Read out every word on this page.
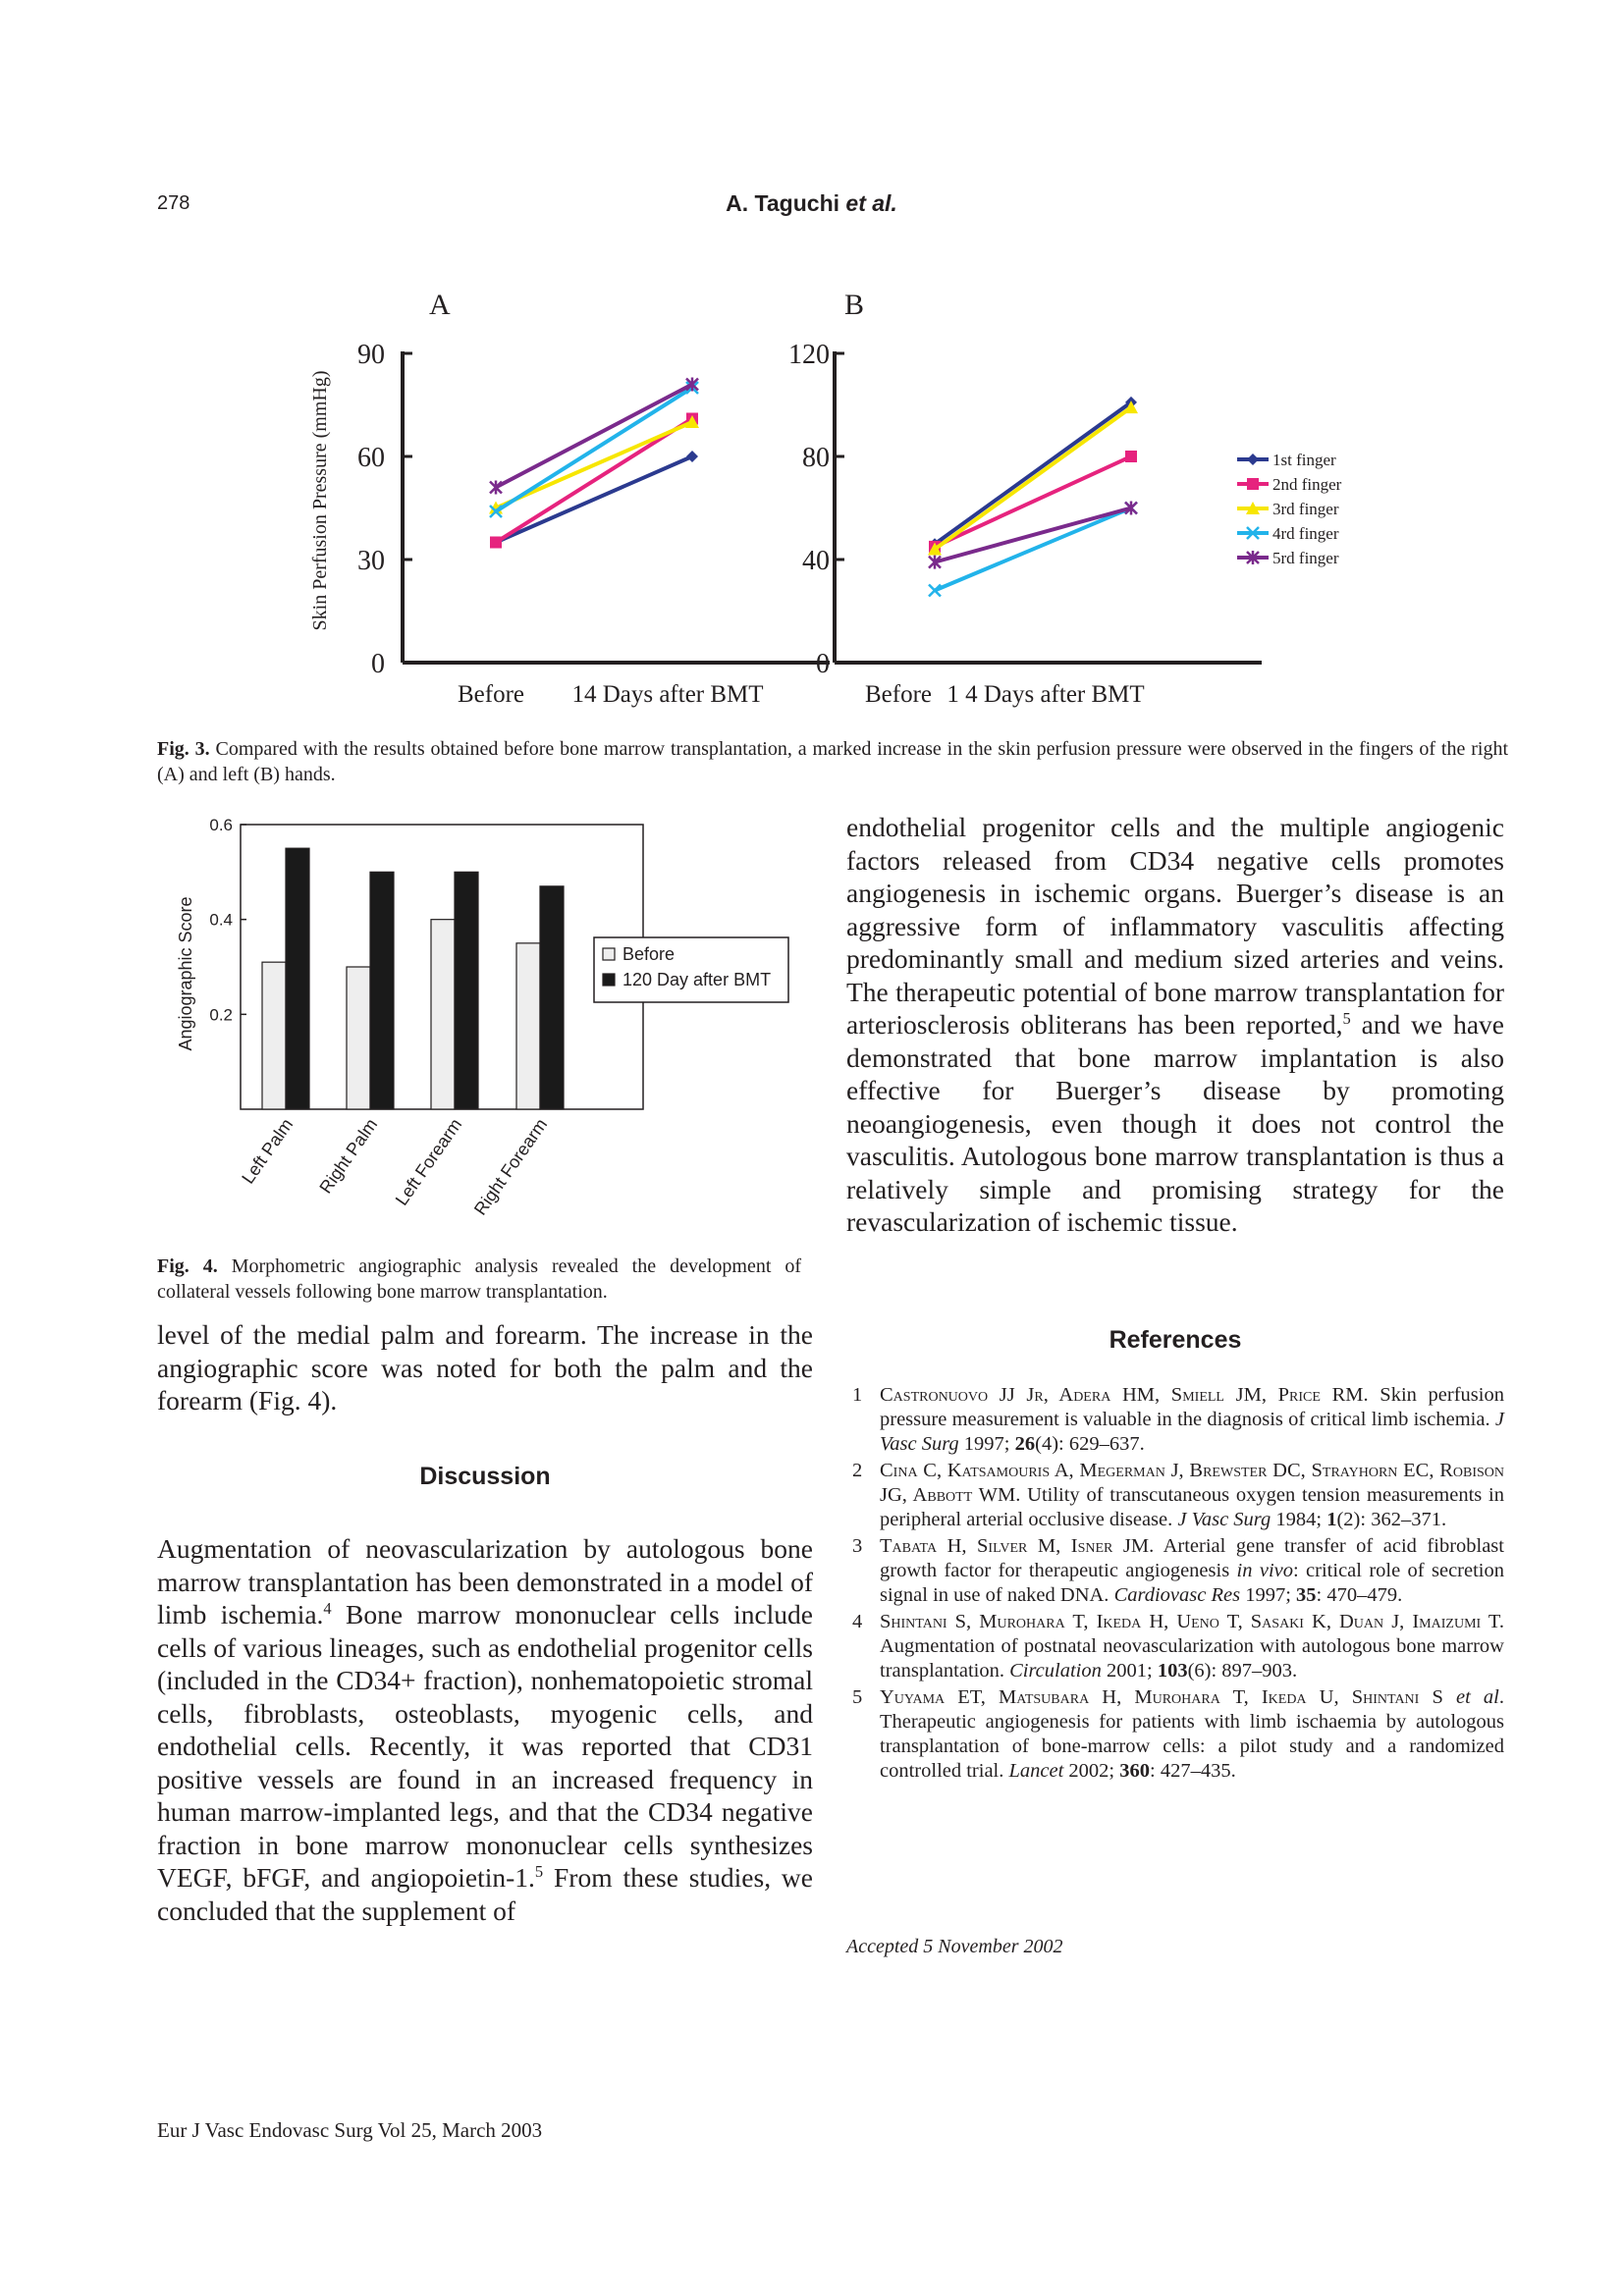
278	A. Taguchi et al.
A	B
Skin Perfusion Pressure (mmHg)
0
30
60
90
Before 14 Days after BMT
0
40
80
120
Before 1 4 Days after BMT
1st finger
2nd finger
3rd finger
4rd finger
5rd finger
Fig. 3. Compared with the results obtained before bone marrow transplantation, a marked increase in the skin perfusion pressure were observed in the fingers of the right (A) and left (B) hands.
Angiographic Score 0.2
0.4
0.6
Left Palm Right Palm Left Forearm Right Forearm
Before
120 Day after BMT
Fig. 4. Morphometric angiographic analysis revealed the development of collateral vessels following bone marrow transplantation.
level of the medial palm and forearm. The increase in the angiographic score was noted for both the palm and the forearm (Fig. 4).
Discussion
Augmentation of neovascularization by autologous bone marrow transplantation has been demonstrated in a model of limb ischemia.$^4$ Bone marrow mononuclear cells include cells of various lineages, such as endothelial progenitor cells (included in the CD34+ fraction), nonhematopoietic stromal cells, fibroblasts, osteoblasts, myogenic cells, and endothelial cells. Recently, it was reported that CD31 positive vessels are found in an increased frequency in human marrow-implanted legs, and that the CD34 negative fraction in bone marrow mononuclear cells synthesizes VEGF, bFGF, and angiopoietin-1.$^5$ From these studies, we concluded that the supplement of
endothelial progenitor cells and the multiple angiogenic factors released from CD34 negative cells promotes angiogenesis in ischemic organs. Buerger’s disease is an aggressive form of inflammatory vasculitis affecting predominantly small and medium sized arteries and veins. The therapeutic potential of bone marrow transplantation for arteriosclerosis obliterans has been reported,$^5$ and we have demonstrated that bone marrow implantation is also effective for Buerger’s disease by promoting neoangiogenesis, even though it does not control the vasculitis. Autologous bone marrow transplantation is thus a relatively simple and promising strategy for the revascularization of ischemic tissue.
References
1 Castronuovo JJ Jr, Adera HM, Smiell JM, Price RM. Skin perfusion pressure measurement is valuable in the diagnosis of critical limb ischemia. J Vasc Surg 1997; 26(4): 629–637.
2 Cina C, Katsamouris A, Megerman J, Brewster DC, Strayhorn EC, Robison JG, Abbott WM. Utility of transcutaneous oxygen tension measurements in peripheral arterial occlusive disease. J Vasc Surg 1984; 1(2): 362–371.
3 Tabata H, Silver M, Isner JM. Arterial gene transfer of acid fibroblast growth factor for therapeutic angiogenesis in vivo: critical role of secretion signal in use of naked DNA. Cardiovasc Res 1997; 35: 470–479.
4 Shintani S, Murohara T, Ikeda H, Ueno T, Sasaki K, Duan J, Imaizumi T. Augmentation of postnatal neovascularization with autologous bone marrow transplantation. Circulation 2001; 103(6): 897–903.
5 Yuyama ET, Matsubara H, Murohara T, Ikeda U, Shintani S et al. Therapeutic angiogenesis for patients with limb ischaemia by autologous transplantation of bone-marrow cells: a pilot study and a randomized controlled trial. Lancet 2002; 360: 427–435.
Accepted 5 November 2002
Eur J Vasc Endovasc Surg Vol 25, March 2003
